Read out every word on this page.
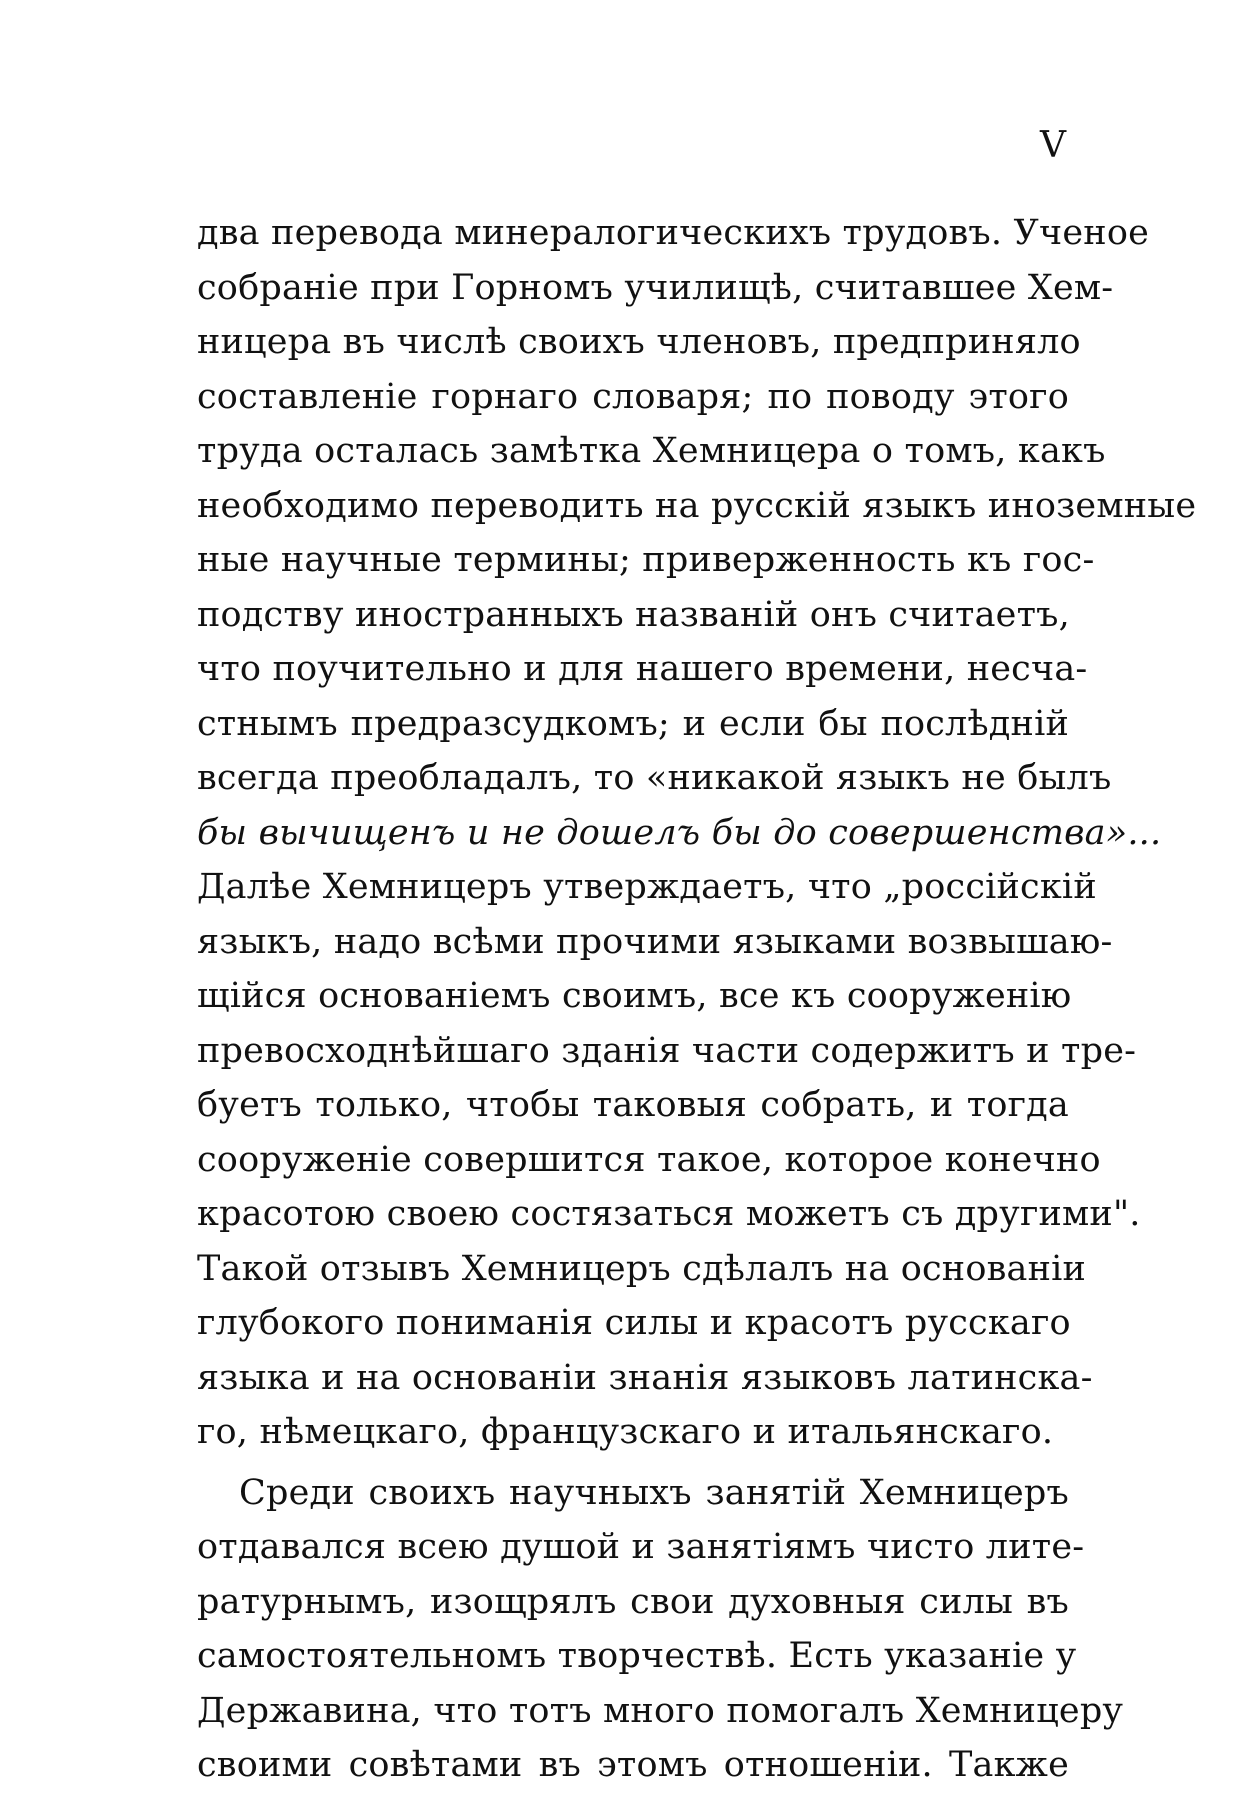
V
два перевода минералогическихъ трудовъ. Ученое
собраніе при Горномъ училищѣ, считавшее Хем-
ницера въ числѣ своихъ членовъ, предприняло
составленіе горнаго словаря; по поводу этого
труда осталась замѣтка Хемницера о томъ, какъ
необходимо переводить на русскій языкъ иноземные
ные научные термины; приверженность къ гос-
подству иностранныхъ названій онъ считаетъ,
что поучительно и для нашего времени, несча-
стнымъ предразсудкомъ; и если бы послѣдній
всегда преобладалъ, то «никакой языкъ не былъ
бы вычищенъ и не дошелъ бы до совершенства»...
Далѣе Хемницеръ утверждаетъ, что „россійскій
языкъ, надо всѣми прочими языками возвышаю-
щійся основаніемъ своимъ, все къ сооруженію
превосходнѣйшаго зданія части содержитъ и тре-
буетъ только, чтобы таковыя собрать, и тогда
сооруженіе совершится такое, которое конечно
красотою своею состязаться можетъ съ другими".
Такой отзывъ Хемницеръ сдѣлалъ на основаніи
глубокого пониманія силы и красотъ русскаго
языка и на основаніи знанія языковъ латинска-
го, нѣмецкаго, французскаго и итальянскаго.
Среди своихъ научныхъ занятій Хемницеръ
отдавался всею душой и занятіямъ чисто лите-
ратурнымъ, изощрялъ свои духовныя силы въ
самостоятельномъ творчествѣ. Есть указаніе у
Державина, что тотъ много помогалъ Хемницеру
своими совѣтами въ этомъ отношеніи. Также
